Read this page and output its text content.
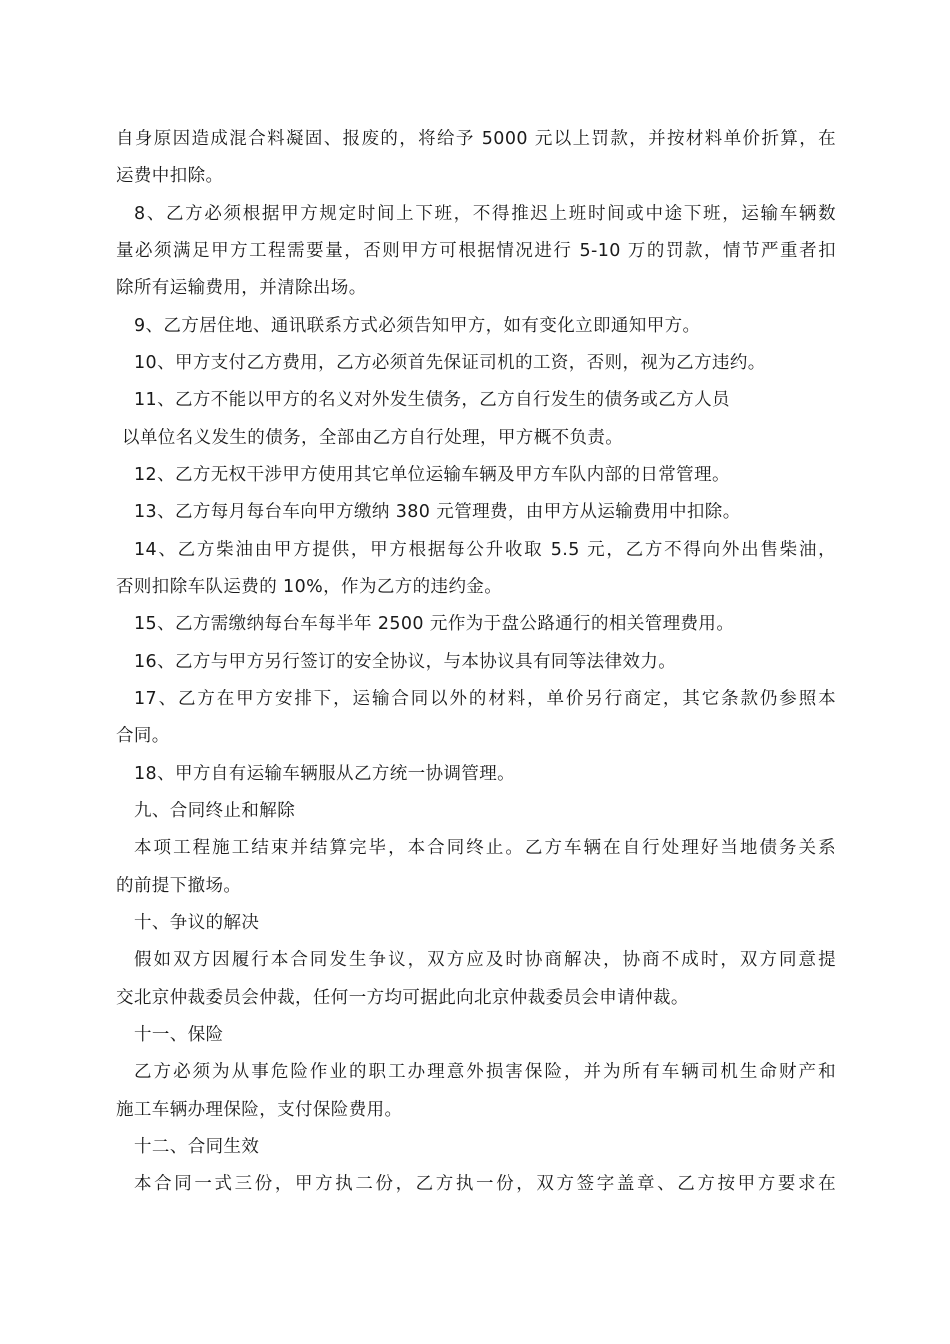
自身原因造成混合料凝固、报废的，将给予 5000 元以上罚款，并按材料单价折算，在
运费中扣除。
8、乙方必须根据甲方规定时间上下班，不得推迟上班时间或中途下班，运输车辆数
量必须满足甲方工程需要量，否则甲方可根据情况进行 5-10 万的罚款，情节严重者扣
除所有运输费用，并清除出场。
9、乙方居住地、通讯联系方式必须告知甲方，如有变化立即通知甲方。
10、甲方支付乙方费用，乙方必须首先保证司机的工资，否则，视为乙方违约。
11、乙方不能以甲方的名义对外发生债务，乙方自行发生的债务或乙方人员
以单位名义发生的债务，全部由乙方自行处理，甲方概不负责。
12、乙方无权干涉甲方使用其它单位运输车辆及甲方车队内部的日常管理。
13、乙方每月每台车向甲方缴纳 380 元管理费，由甲方从运输费用中扣除。
14、乙方柴油由甲方提供，甲方根据每公升收取 5.5 元，乙方不得向外出售柴油，
否则扣除车队运费的 10%，作为乙方的违约金。
15、乙方需缴纳每台车每半年 2500 元作为于盘公路通行的相关管理费用。
16、乙方与甲方另行签订的安全协议，与本协议具有同等法律效力。
17、乙方在甲方安排下，运输合同以外的材料，单价另行商定，其它条款仍参照本
合同。
18、甲方自有运输车辆服从乙方统一协调管理。
九、合同终止和解除
本项工程施工结束并结算完毕，本合同终止。乙方车辆在自行处理好当地债务关系
的前提下撤场。
十、争议的解决
假如双方因履行本合同发生争议，双方应及时协商解决，协商不成时，双方同意提
交北京仲裁委员会仲裁，任何一方均可据此向北京仲裁委员会申请仲裁。
十一、保险
乙方必须为从事危险作业的职工办理意外损害保险，并为所有车辆司机生命财产和
施工车辆办理保险，支付保险费用。
十二、合同生效
本合同一式三份，甲方执二份，乙方执一份，双方签字盖章、乙方按甲方要求在
